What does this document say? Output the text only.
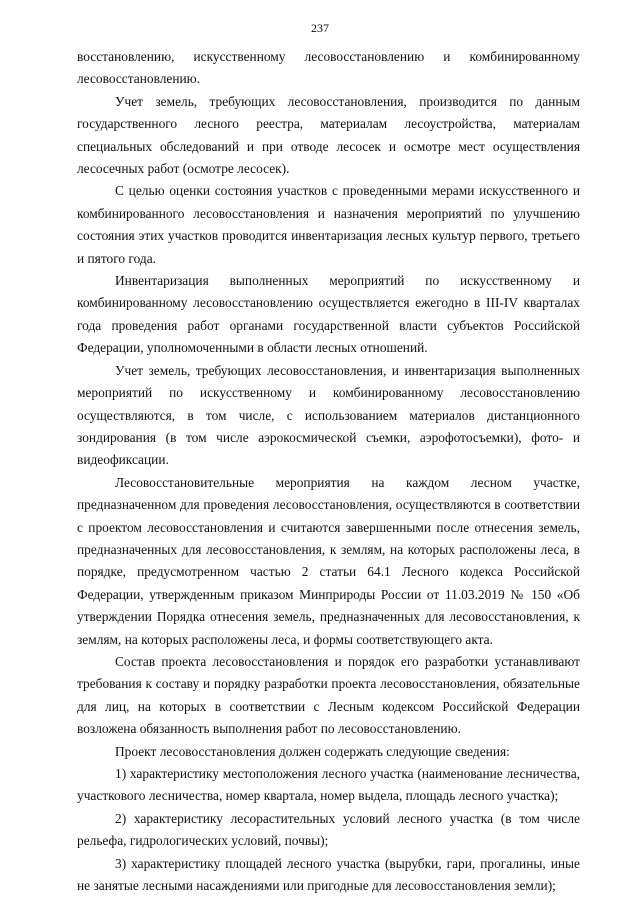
237

восстановлению, искусственному лесовосстановлению и комбинированному лесовосстановлению.

Учет земель, требующих лесовосстановления, производится по данным государственного лесного реестра, материалам лесоустройства, материалам специальных обследований и при отводе лесосек и осмотре мест осуществления лесосечных работ (осмотре лесосек).

С целью оценки состояния участков с проведенными мерами искусственного и комбинированного лесовосстановления и назначения мероприятий по улучшению состояния этих участков проводится инвентаризация лесных культур первого, третьего и пятого года.

Инвентаризация выполненных мероприятий по искусственному и комбинированному лесовосстановлению осуществляется ежегодно в III-IV кварталах года проведения работ органами государственной власти субъектов Российской Федерации, уполномоченными в области лесных отношений.

Учет земель, требующих лесовосстановления, и инвентаризация выполненных мероприятий по искусственному и комбинированному лесовосстановлению осуществляются, в том числе, с использованием материалов дистанционного зондирования (в том числе аэрокосмической съемки, аэрофотосъемки), фото- и видеофиксации.

Лесовосстановительные мероприятия на каждом лесном участке, предназначенном для проведения лесовосстановления, осуществляются в соответствии с проектом лесовосстановления и считаются завершенными после отнесения земель, предназначенных для лесовосстановления, к землям, на которых расположены леса, в порядке, предусмотренном частью 2 статьи 64.1 Лесного кодекса Российской Федерации, утвержденным приказом Минприроды России от 11.03.2019 № 150 «Об утверждении Порядка отнесения земель, предназначенных для лесовосстановления, к землям, на которых расположены леса, и формы соответствующего акта.

Состав проекта лесовосстановления и порядок его разработки устанавливают требования к составу и порядку разработки проекта лесовосстановления, обязательные для лиц, на которых в соответствии с Лесным кодексом Российской Федерации возложена обязанность выполнения работ по лесовосстановлению.

Проект лесовосстановления должен содержать следующие сведения:

1) характеристику местоположения лесного участка (наименование лесничества, участкового лесничества, номер квартала, номер выдела, площадь лесного участка);

2) характеристику лесорастительных условий лесного участка (в том числе рельефа, гидрологических условий, почвы);

3) характеристику площадей лесного участка (вырубки, гари, прогалины, иные не занятые лесными насаждениями или пригодные для лесовосстановления земли);
